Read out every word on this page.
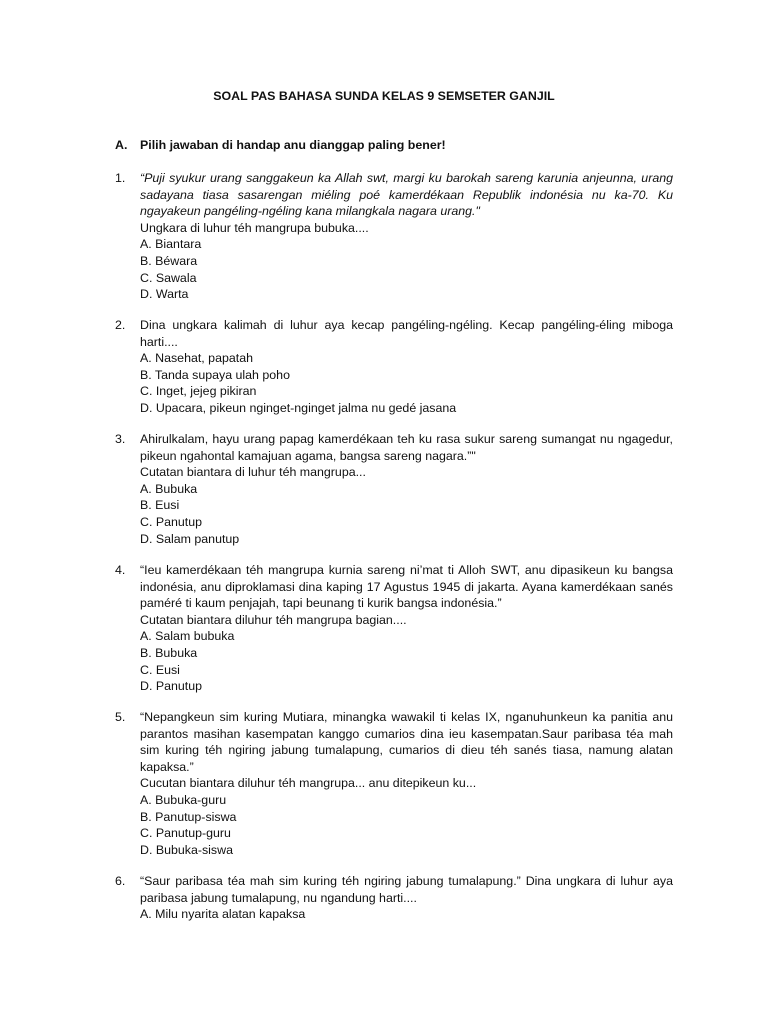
SOAL PAS BAHASA SUNDA KELAS 9 SEMSETER GANJIL
A. Pilih jawaban di handap anu dianggap paling bener!
1. “Puji syukur urang sanggakeun ka Allah swt, margi ku barokah sareng karunia anjeunna, urang sadayana tiasa sasarengan miéling poé kamerdékaan Republik indonésia nu ka-70. Ku ngayakeun pangéling-ngéling kana milangkala nagara urang."
Ungkara di luhur téh mangrupa bubuka....
A. Biantara
B. Béwara
C. Sawala
D. Warta
2. Dina ungkara kalimah di luhur aya kecap pangéling-ngéling. Kecap pangéling-éling miboga harti....
A. Nasehat, papatah
B. Tanda supaya ulah poho
C. Inget, jejeg pikiran
D. Upacara, pikeun nginget-nginget jalma nu gedé jasana
3. Ahirulkalam, hayu urang papag kamerdékaan teh ku rasa sukur sareng sumangat nu ngagedur, pikeun ngahontal kamajuan agama, bangsa sareng nagara.”"
Cutatan biantara di luhur téh mangrupa...
A. Bubuka
B. Eusi
C. Panutup
D. Salam panutup
4. “Ieu kamerdékaan téh mangrupa kurnia sareng ni’mat ti Alloh SWT, anu dipasikeun ku bangsa indonésia, anu diproklamasi dina kaping 17 Agustus 1945 di jakarta. Ayana kamerdékaan sanés paméré ti kaum penjajah, tapi beunang ti kurik bangsa indonésia.”
Cutatan biantara diluhur téh mangrupa bagian....
A. Salam bubuka
B. Bubuka
C. Eusi
D. Panutup
5. “Nepangkeun sim kuring Mutiara, minangka wawakil ti kelas IX, nganuhunkeun ka panitia anu parantos masihan kasempatan kanggo cumarios dina ieu kasempatan.Saur paribasa téa mah sim kuring téh ngiring jabung tumalapung, cumarios di dieu téh sanés tiasa, namung alatan kapaksa.”
Cucutan biantara diluhur téh mangrupa... anu ditepikeun ku...
A. Bubuka-guru
B. Panutup-siswa
C. Panutup-guru
D. Bubuka-siswa
6. “Saur paribasa téa mah sim kuring téh ngiring jabung tumalapung.” Dina ungkara di luhur aya paribasa jabung tumalapung, nu ngandung harti....
A. Milu nyarita alatan kapaksa
